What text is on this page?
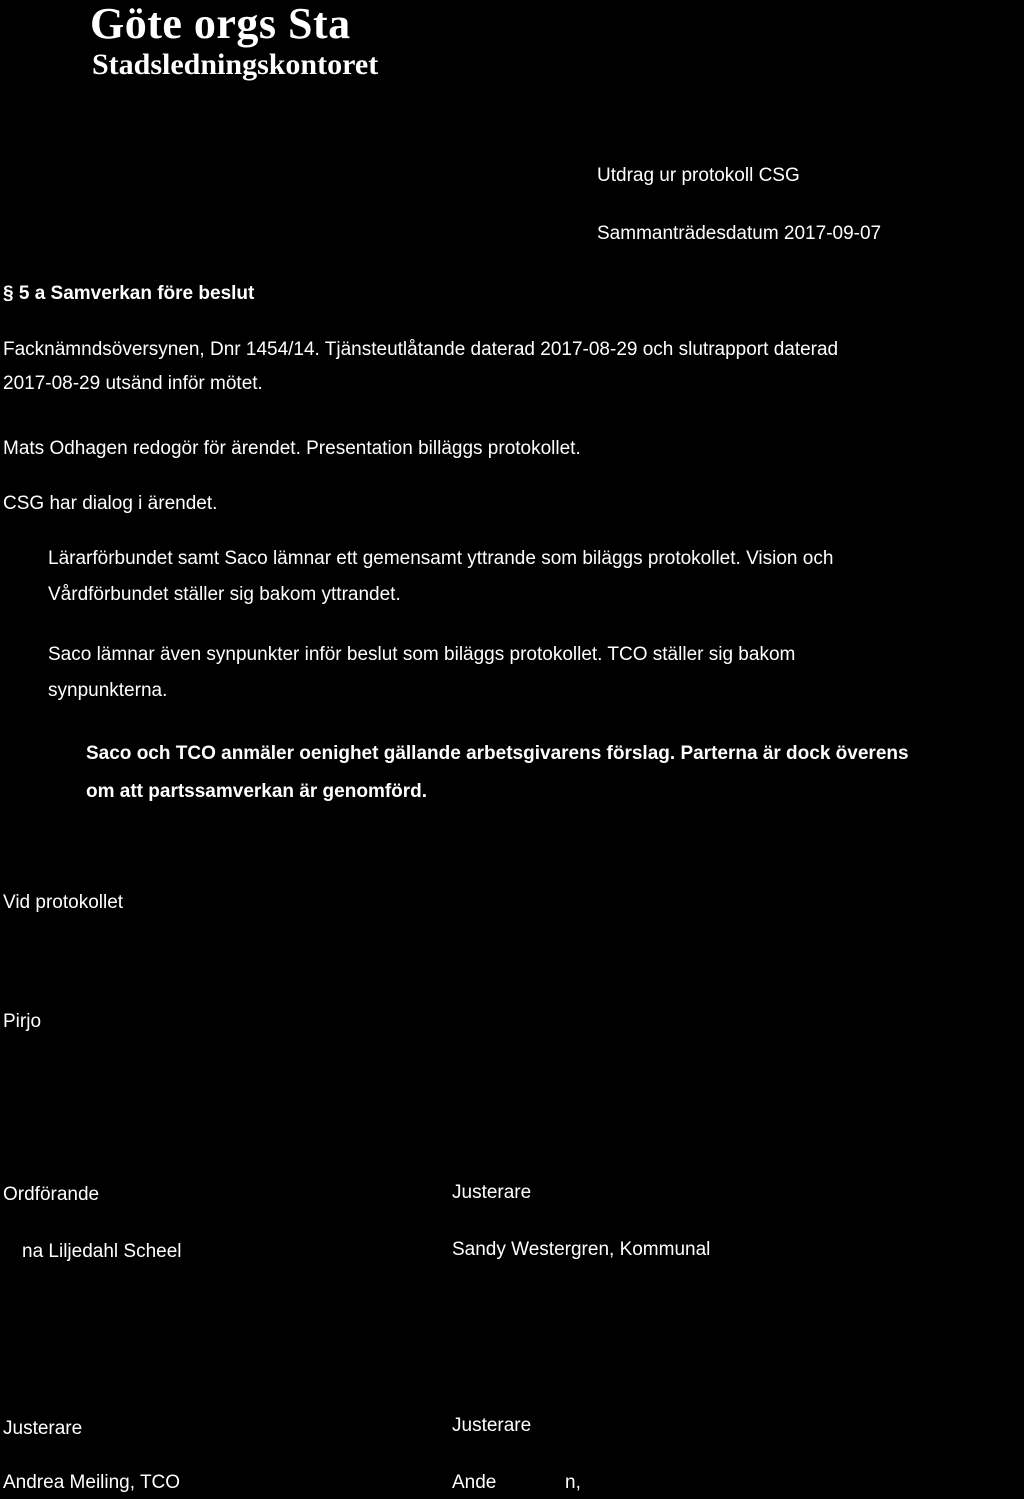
Göte orgs Sta
Stadsledningskontoret
Utdrag ur protokoll CSG
Sammanträdesdatum 2017-09-07
§ 5 a Samverkan före beslut
Facknämndsöversynen, Dnr 1454/14. Tjänsteutlåtande daterad 2017-08-29 och slutrapport daterad
2017-08-29 utsänd inför mötet.
Mats Odhagen redogör för ärendet. Presentation billäggs protokollet.
CSG har dialog i ärendet.
Lärarförbundet samt Saco lämnar ett gemensamt yttrande som biläggs protokollet. Vision och
Vårdförbundet ställer sig bakom yttrandet.
Saco lämnar även synpunkter inför beslut som biläggs protokollet. TCO ställer sig bakom
synpunkterna.
Saco och TCO anmäler oenighet gällande arbetsgivarens förslag. Parterna är dock överens
om att partssamverkan är genomförd.
Vid protokollet
Pirjo
Ordförande
na Liljedahl Scheel
Justerare
Sandy Westergren, Kommunal
Justerare
Andrea Meiling, TCO
Justerare
Ande             n,
